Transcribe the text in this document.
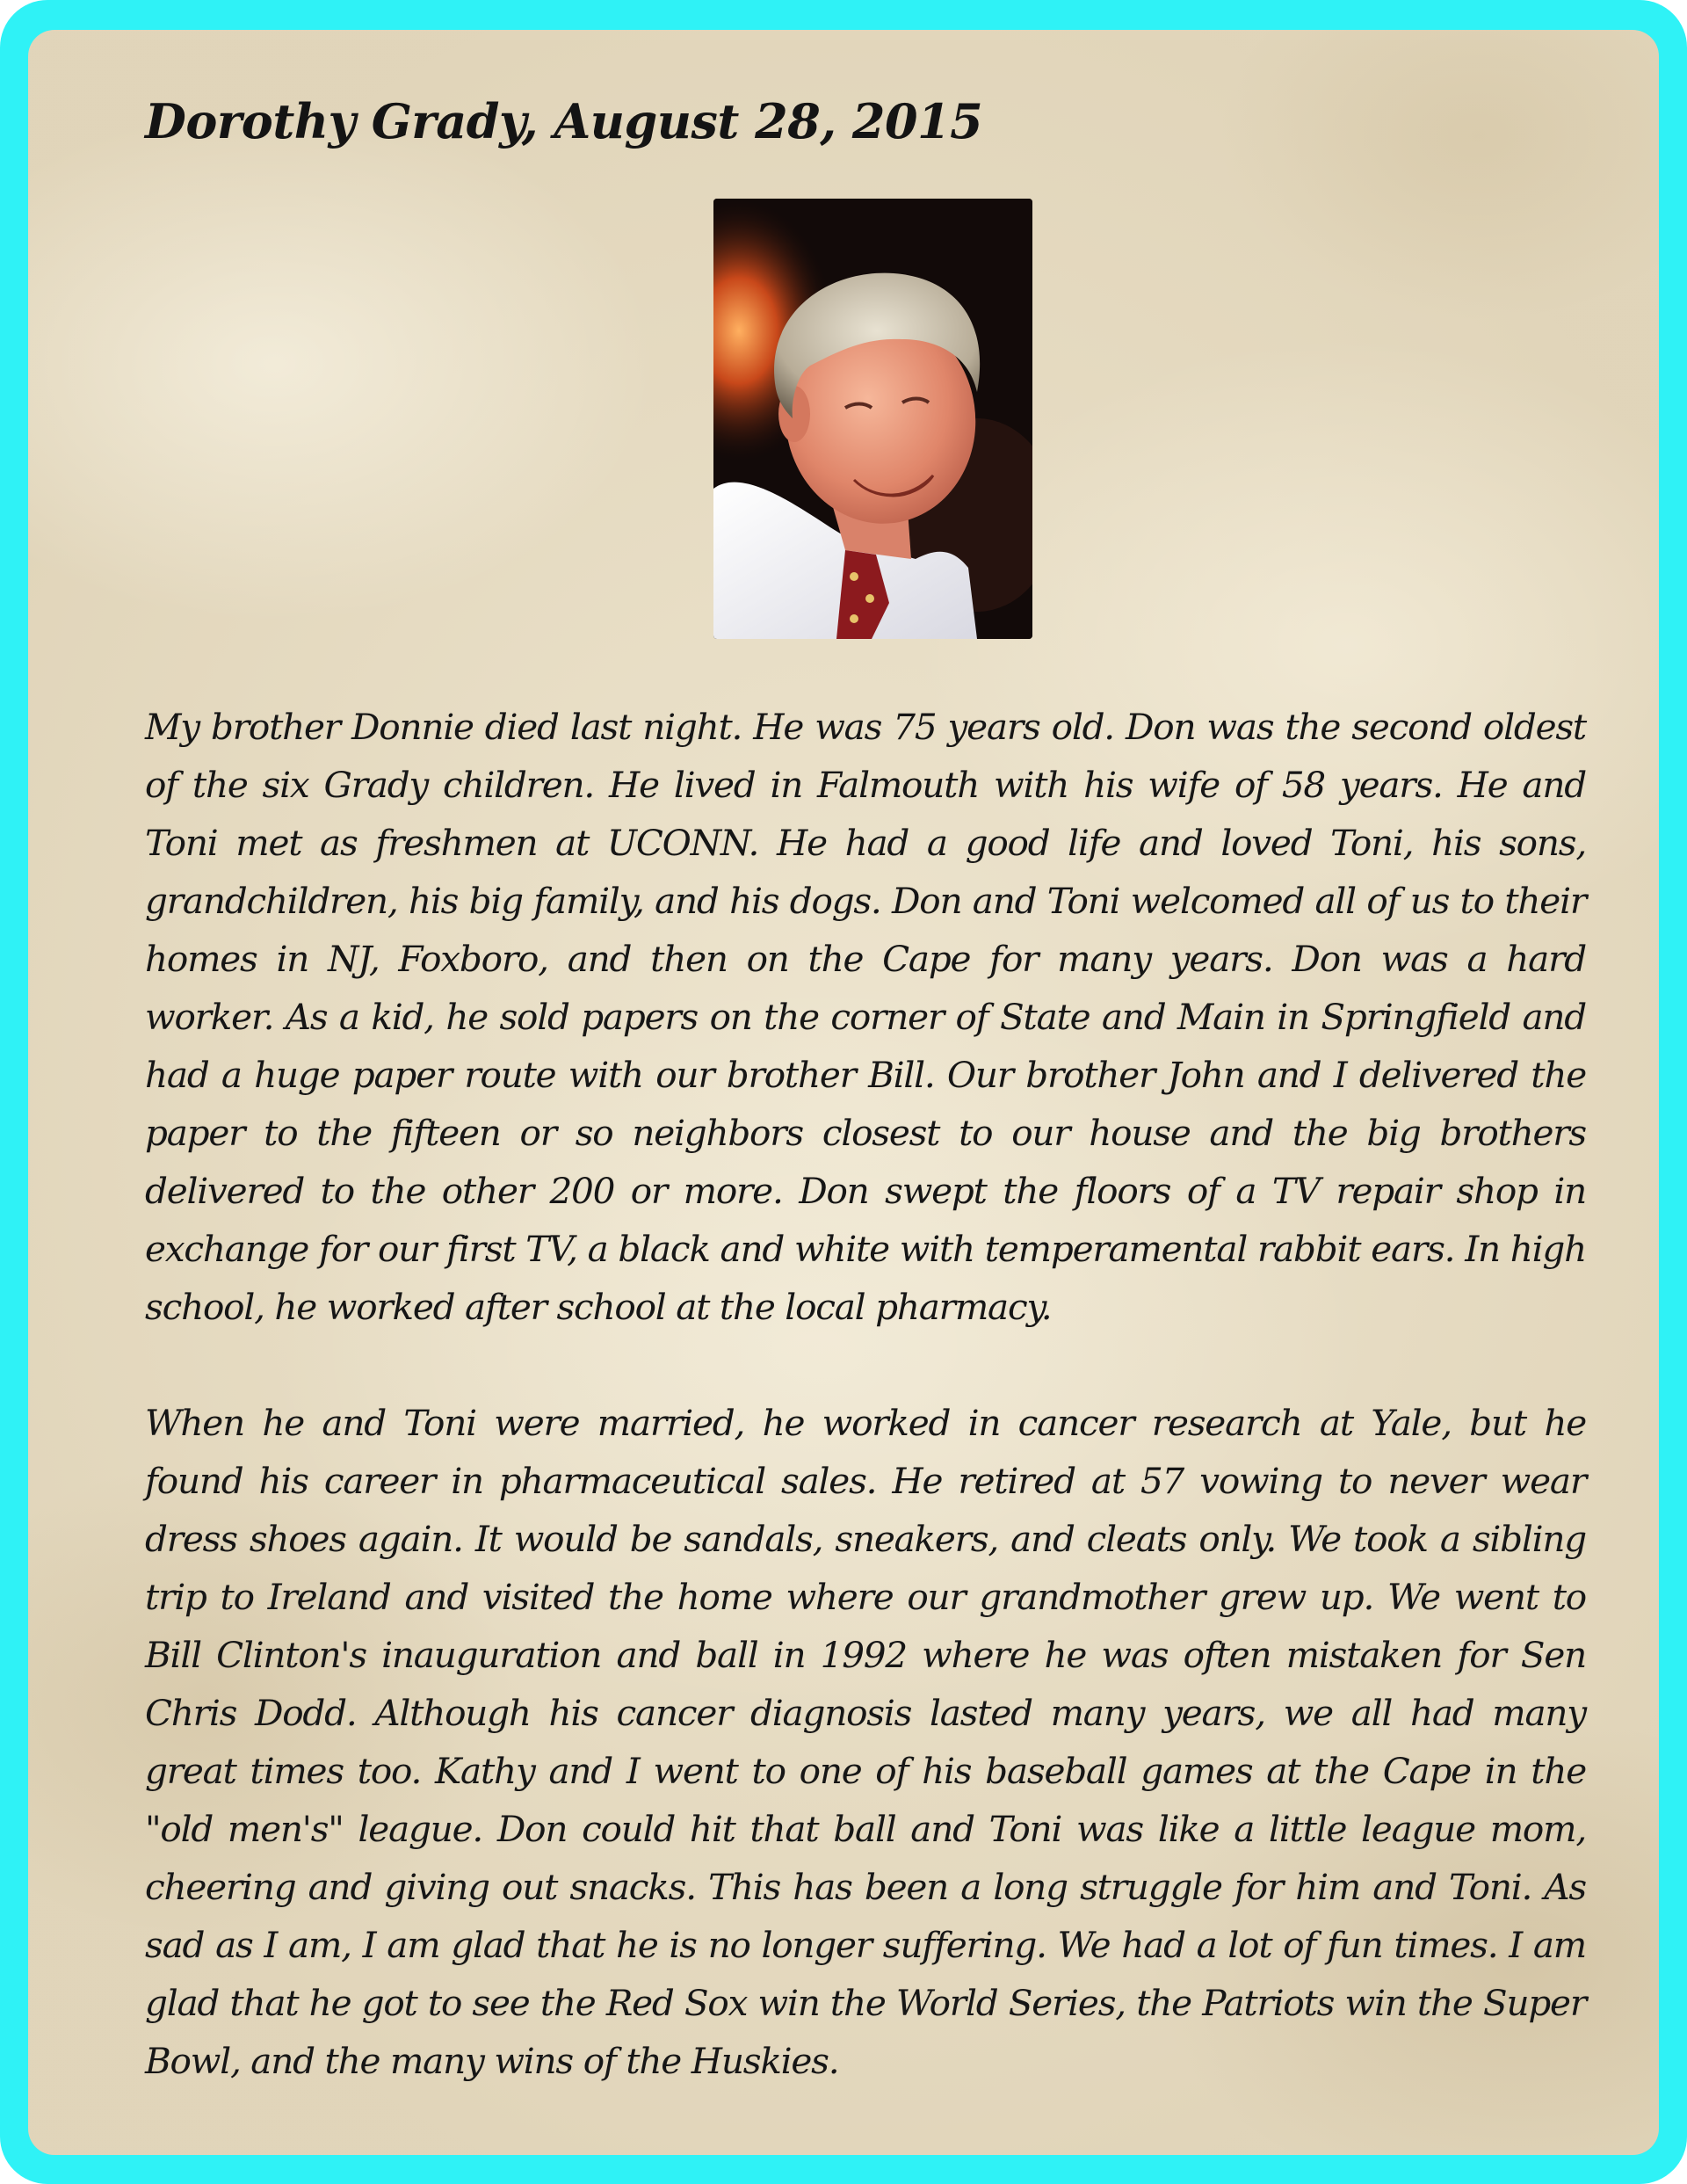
Dorothy Grady, August 28, 2015

My brother Donnie died last night. He was 75 years old. Don was the second oldest of the six Grady children. He lived in Falmouth with his wife of 58 years. He and Toni met as freshmen at UCONN. He had a good life and loved Toni, his sons, grandchildren, his big family, and his dogs. Don and Toni welcomed all of us to their homes in NJ, Foxboro, and then on the Cape for many years. Don was a hard worker. As a kid, he sold papers on the corner of State and Main in Springfield and had a huge paper route with our brother Bill. Our brother John and I delivered the paper to the fifteen or so neighbors closest to our house and the big brothers delivered to the other 200 or more. Don swept the floors of a TV repair shop in exchange for our first TV, a black and white with temperamental rabbit ears. In high school, he worked after school at the local pharmacy.

When he and Toni were married, he worked in cancer research at Yale, but he found his career in pharmaceutical sales. He retired at 57 vowing to never wear dress shoes again. It would be sandals, sneakers, and cleats only. We took a sibling trip to Ireland and visited the home where our grandmother grew up. We went to Bill Clinton's inauguration and ball in 1992 where he was often mistaken for Sen Chris Dodd. Although his cancer diagnosis lasted many years, we all had many great times too. Kathy and I went to one of his baseball games at the Cape in the "old men's" league. Don could hit that ball and Toni was like a little league mom, cheering and giving out snacks. This has been a long struggle for him and Toni. As sad as I am, I am glad that he is no longer suffering. We had a lot of fun times. I am glad that he got to see the Red Sox win the World Series, the Patriots win the Super Bowl, and the many wins of the Huskies.
